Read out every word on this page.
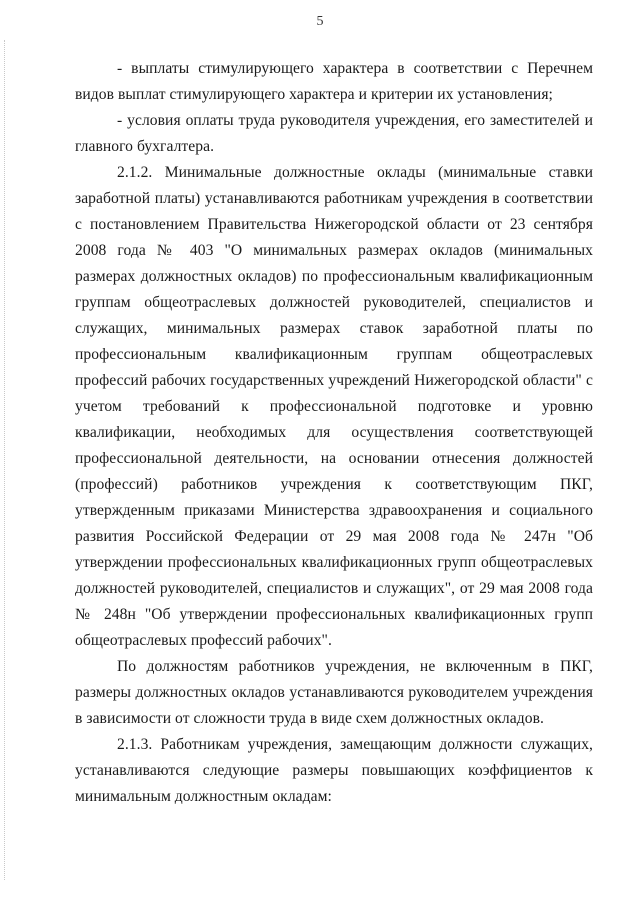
5

- выплаты стимулирующего характера в соответствии с Перечнем видов выплат стимулирующего характера и критерии их установления;

- условия оплаты труда руководителя учреждения, его заместителей и главного бухгалтера.

2.1.2. Минимальные должностные оклады (минимальные ставки заработной платы) устанавливаются работникам учреждения в соответствии с постановлением Правительства Нижегородской области от 23 сентября 2008 года № 403 "О минимальных размерах окладов (минимальных размерах должностных окладов) по профессиональным квалификационным группам общеотраслевых должностей руководителей, специалистов и служащих, минимальных размерах ставок заработной платы по профессиональным квалификационным группам общеотраслевых профессий рабочих государственных учреждений Нижегородской области" с учетом требований к профессиональной подготовке и уровню квалификации, необходимых для осуществления соответствующей профессиональной деятельности, на основании отнесения должностей (профессий) работников учреждения к соответствующим ПКГ, утвержденным приказами Министерства здравоохранения и социального развития Российской Федерации от 29 мая 2008 года № 247н "Об утверждении профессиональных квалификационных групп общеотраслевых должностей руководителей, специалистов и служащих", от 29 мая 2008 года № 248н "Об утверждении профессиональных квалификационных групп общеотраслевых профессий рабочих".

По должностям работников учреждения, не включенным в ПКГ, размеры должностных окладов устанавливаются руководителем учреждения в зависимости от сложности труда в виде схем должностных окладов.

2.1.3. Работникам учреждения, замещающим должности служащих, устанавливаются следующие размеры повышающих коэффициентов к минимальным должностным окладам:
